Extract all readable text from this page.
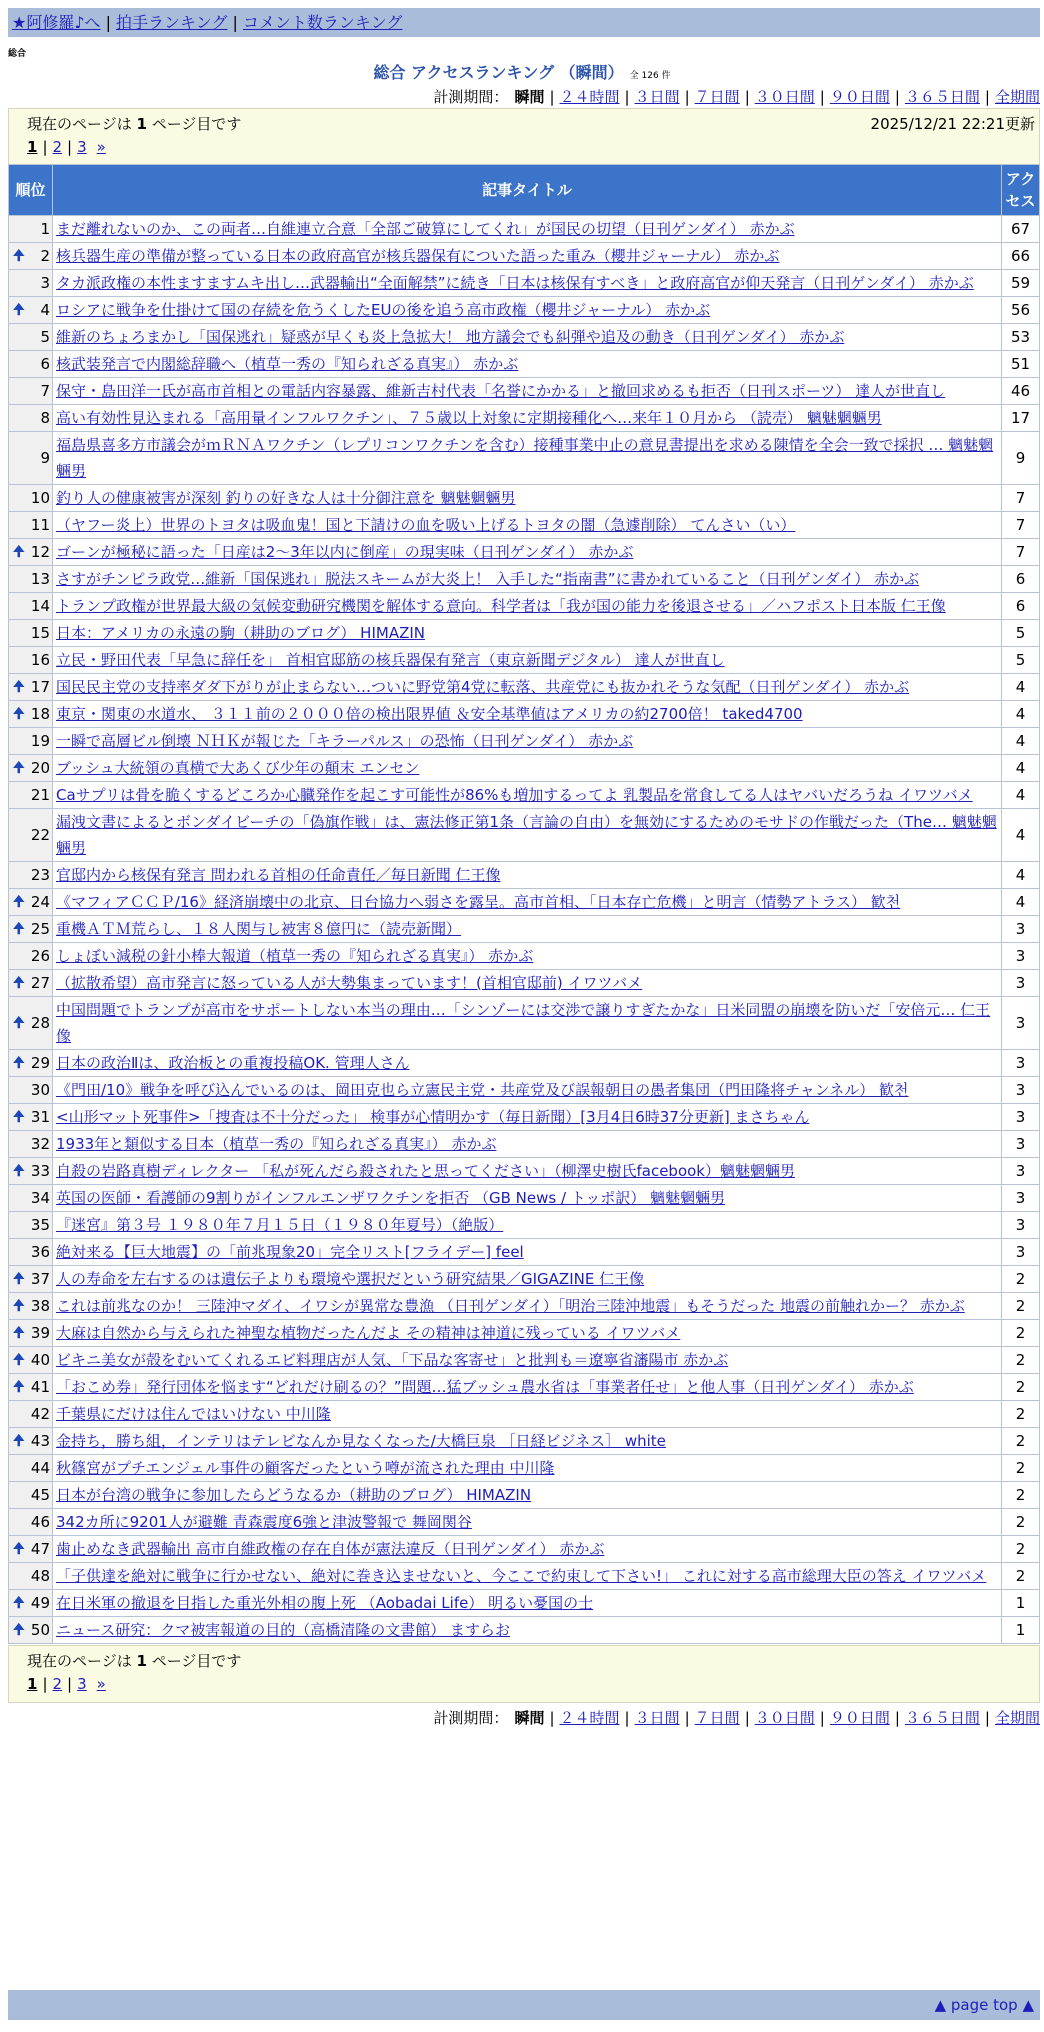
★阿修羅♪へ | 拍手ランキング | コメント数ランキング
総合
総合 アクセスランキング （瞬間） 全 126 件
計測期間： 瞬間 | ２４時間 | ３日間 | ７日間 | ３０日間 | ９０日間 | ３６５日間 | 全期間
現在のページは 1 ページ目です	2025/12/21 22:21更新
1 | 2 | 3 »
順位	記事タイトル	アクセス
1	まだ離れないのか、この両者…自維連立合意「全部ご破算にしてくれ」が国民の切望（日刊ゲンダイ） 赤かぶ	67

🠉 2	核兵器生産の準備が整っている日本の政府高官が核兵器保有についた語った重み（櫻井ジャーナル） 赤かぶ	66
3	タカ派政権の本性ますますムキ出し…武器輸出“全面解禁”に続き「日本は核保有すべき」と政府高官が仰天発言（日刊ゲンダイ） 赤かぶ	59

🠉 4	ロシアに戦争を仕掛けて国の存続を危うくしたEUの後を追う高市政権（櫻井ジャーナル） 赤かぶ	56
5	維新のちょろまかし「国保逃れ」疑惑が早くも炎上急拡大！ 地方議会でも糾弾や追及の動き（日刊ゲンダイ） 赤かぶ	53
6	核武装発言で内閣総辞職へ（植草一秀の『知られざる真実』） 赤かぶ	51
7	保守・島田洋一氏が高市首相との電話内容暴露、維新吉村代表「名誉にかかる」と撤回求めるも拒否（日刊スポーツ） 達人が世直し	46
8	高い有効性見込まれる「高用量インフルワクチン」、７５歳以上対象に定期接種化へ…来年１０月から （読売） 魑魅魍魎男	17
9	福島県喜多方市議会がｍＲＮＡワクチン（レプリコンワクチンを含む）接種事業中止の意見書提出を求める陳情を全会一致で採択 … 魑魅魍魎男	9
10	釣り人の健康被害が深刻 釣りの好きな人は十分御注意を 魑魅魍魎男	7
11	（ヤフー炎上）世界のトヨタは吸血鬼！国と下請けの血を吸い上げるトヨタの闇（急遽削除） てんさい（い）	7

🠉 12	ゴーンが極秘に語った「日産は2〜3年以内に倒産」の現実味（日刊ゲンダイ） 赤かぶ	7
13	さすがチンピラ政党…維新「国保逃れ」脱法スキームが大炎上！ 入手した“指南書”に書かれていること（日刊ゲンダイ） 赤かぶ	6
14	トランプ政権が世界最大級の気候変動研究機関を解体する意向。科学者は「我が国の能力を後退させる」／ハフポスト日本版 仁王像	6
15	日本：アメリカの永遠の駒（耕助のブログ） HIMAZIN	5
16	立民・野田代表「早急に辞任を」 首相官邸筋の核兵器保有発言（東京新聞デジタル） 達人が世直し	5

🠉 17	国民民主党の支持率ダダ下がりが止まらない…ついに野党第4党に転落、共産党にも抜かれそうな気配（日刊ゲンダイ） 赤かぶ	4

🠉 18	東京・関東の水道水、 ３１１前の２０００倍の検出限界値 ＆安全基準値はアメリカの約2700倍！ taked4700	4
19	一瞬で高層ビル倒壊 ＮＨＫが報じた「キラーパルス」の恐怖（日刊ゲンダイ） 赤かぶ	4

🠉 20	ブッシュ大統領の真横で大あくび少年の顛末 エンセン	4
21	Caサプリは骨を脆くするどころか心臓発作を起こす可能性が86%も増加するってよ 乳製品を常食してる人はヤバいだろうね イワツバメ	4
22	漏洩文書によるとボンダイビーチの「偽旗作戦」は、憲法修正第1条（言論の自由）を無効にするためのモサドの作戦だった（The… 魑魅魍魎男	4
23	官邸内から核保有発言 問われる首相の任命責任／毎日新聞 仁王像	4

🠉 24	《マフィアＣＣＰ/16》経済崩壊中の北京、日台協力へ弱さを露呈。高市首相、「日本存亡危機」と明言（情勢アトラス） 歓천	4

🠉 25	重機ＡＴＭ荒らし、１８人関与し被害８億円に（読売新聞）	3
26	しょぼい減税の針小棒大報道（植草一秀の『知られざる真実』） 赤かぶ	3

🠉 27	（拡散希望）高市発言に怒っている人が大勢集まっています！(首相官邸前) イワツバメ	3

🠉 28	中国問題でトランプが高市をサポートしない本当の理由…「シンゾーには交渉で譲りすぎたかな」日米同盟の崩壊を防いだ「安倍元… 仁王像	3

🠉 29	日本の政治Ⅱは、政治板との重複投稿OK. 管理人さん	3
30	《門田/10》戦争を呼び込んでいるのは、岡田克也ら立憲民主党・共産党及び誤報朝日の愚者集団（門田隆将チャンネル） 歓천	3

🠉 31	<山形マット死事件>「捜査は不十分だった」 検事が心情明かす（毎日新聞）[3月4日6時37分更新] まさちゃん	3
32	1933年と類似する日本（植草一秀の『知られざる真実』） 赤かぶ	3

🠉 33	自殺の岩路真樹ディレクター 「私が死んだら殺されたと思ってください」（柳澤史樹氏facebook）魑魅魍魎男	3
34	英国の医師・看護師の9割りがインフルエンザワクチンを拒否 （GB News / トッポ訳） 魑魅魍魎男	3
35	『迷宮』第３号 １９８０年７月１５日（１９８０年夏号）（絶版）	3
36	絶対来る【巨大地震】の「前兆現象20」完全リスト[フライデー] feel	3

🠉 37	人の寿命を左右するのは遺伝子よりも環境や選択だという研究結果／GIGAZINE 仁王像	2

🠉 38	これは前兆なのか！ 三陸沖マダイ、イワシが異常な豊漁 （日刊ゲンダイ）「明治三陸沖地震」もそうだった 地震の前触れかー？ 赤かぶ	2

🠉 39	大麻は自然から与えられた神聖な植物だったんだよ その精神は神道に残っている イワツバメ	2

🠉 40	ビキニ美女が殻をむいてくれるエビ料理店が人気、「下品な客寄せ」と批判も＝遼寧省瀋陽市 赤かぶ	2

🠉 41	「おこめ券」発行団体を悩ます“どれだけ刷るの？”問題…猛ブッシュ農水省は「事業者任せ」と他人事（日刊ゲンダイ） 赤かぶ	2
42	千葉県にだけは住んではいけない 中川隆	2

🠉 43	金持ち，勝ち組，インテリはテレビなんか見なくなった/大橋巨泉 ［日経ビジネス］ white	2
44	秋篠宮がプチエンジェル事件の顧客だったという噂が流された理由 中川隆	2
45	日本が台湾の戦争に参加したらどうなるか（耕助のブログ） HIMAZIN	2
46	342カ所に9201人が避難 青森震度6強と津波警報で 舞岡関谷	2

🠉 47	歯止めなき武器輸出 高市自維政権の存在自体が憲法違反（日刊ゲンダイ） 赤かぶ	2
48	「子供達を絶対に戦争に行かせない、絶対に巻き込ませないと、今ここで約束して下さい!」 これに対する高市総理大臣の答え イワツバメ	2

🠉 49	在日米軍の撤退を目指した重光外相の腹上死 （Aobadai Life） 明るい憂国の士	1

🠉 50	ニュース研究：クマ被害報道の目的（高橋清隆の文書館） ますらお	1
現在のページは 1 ページ目です
1 | 2 | 3 »
計測期間： 瞬間 | ２４時間 | ３日間 | ７日間 | ３０日間 | ９０日間 | ３６５日間 | 全期間
▲ page top ▲
